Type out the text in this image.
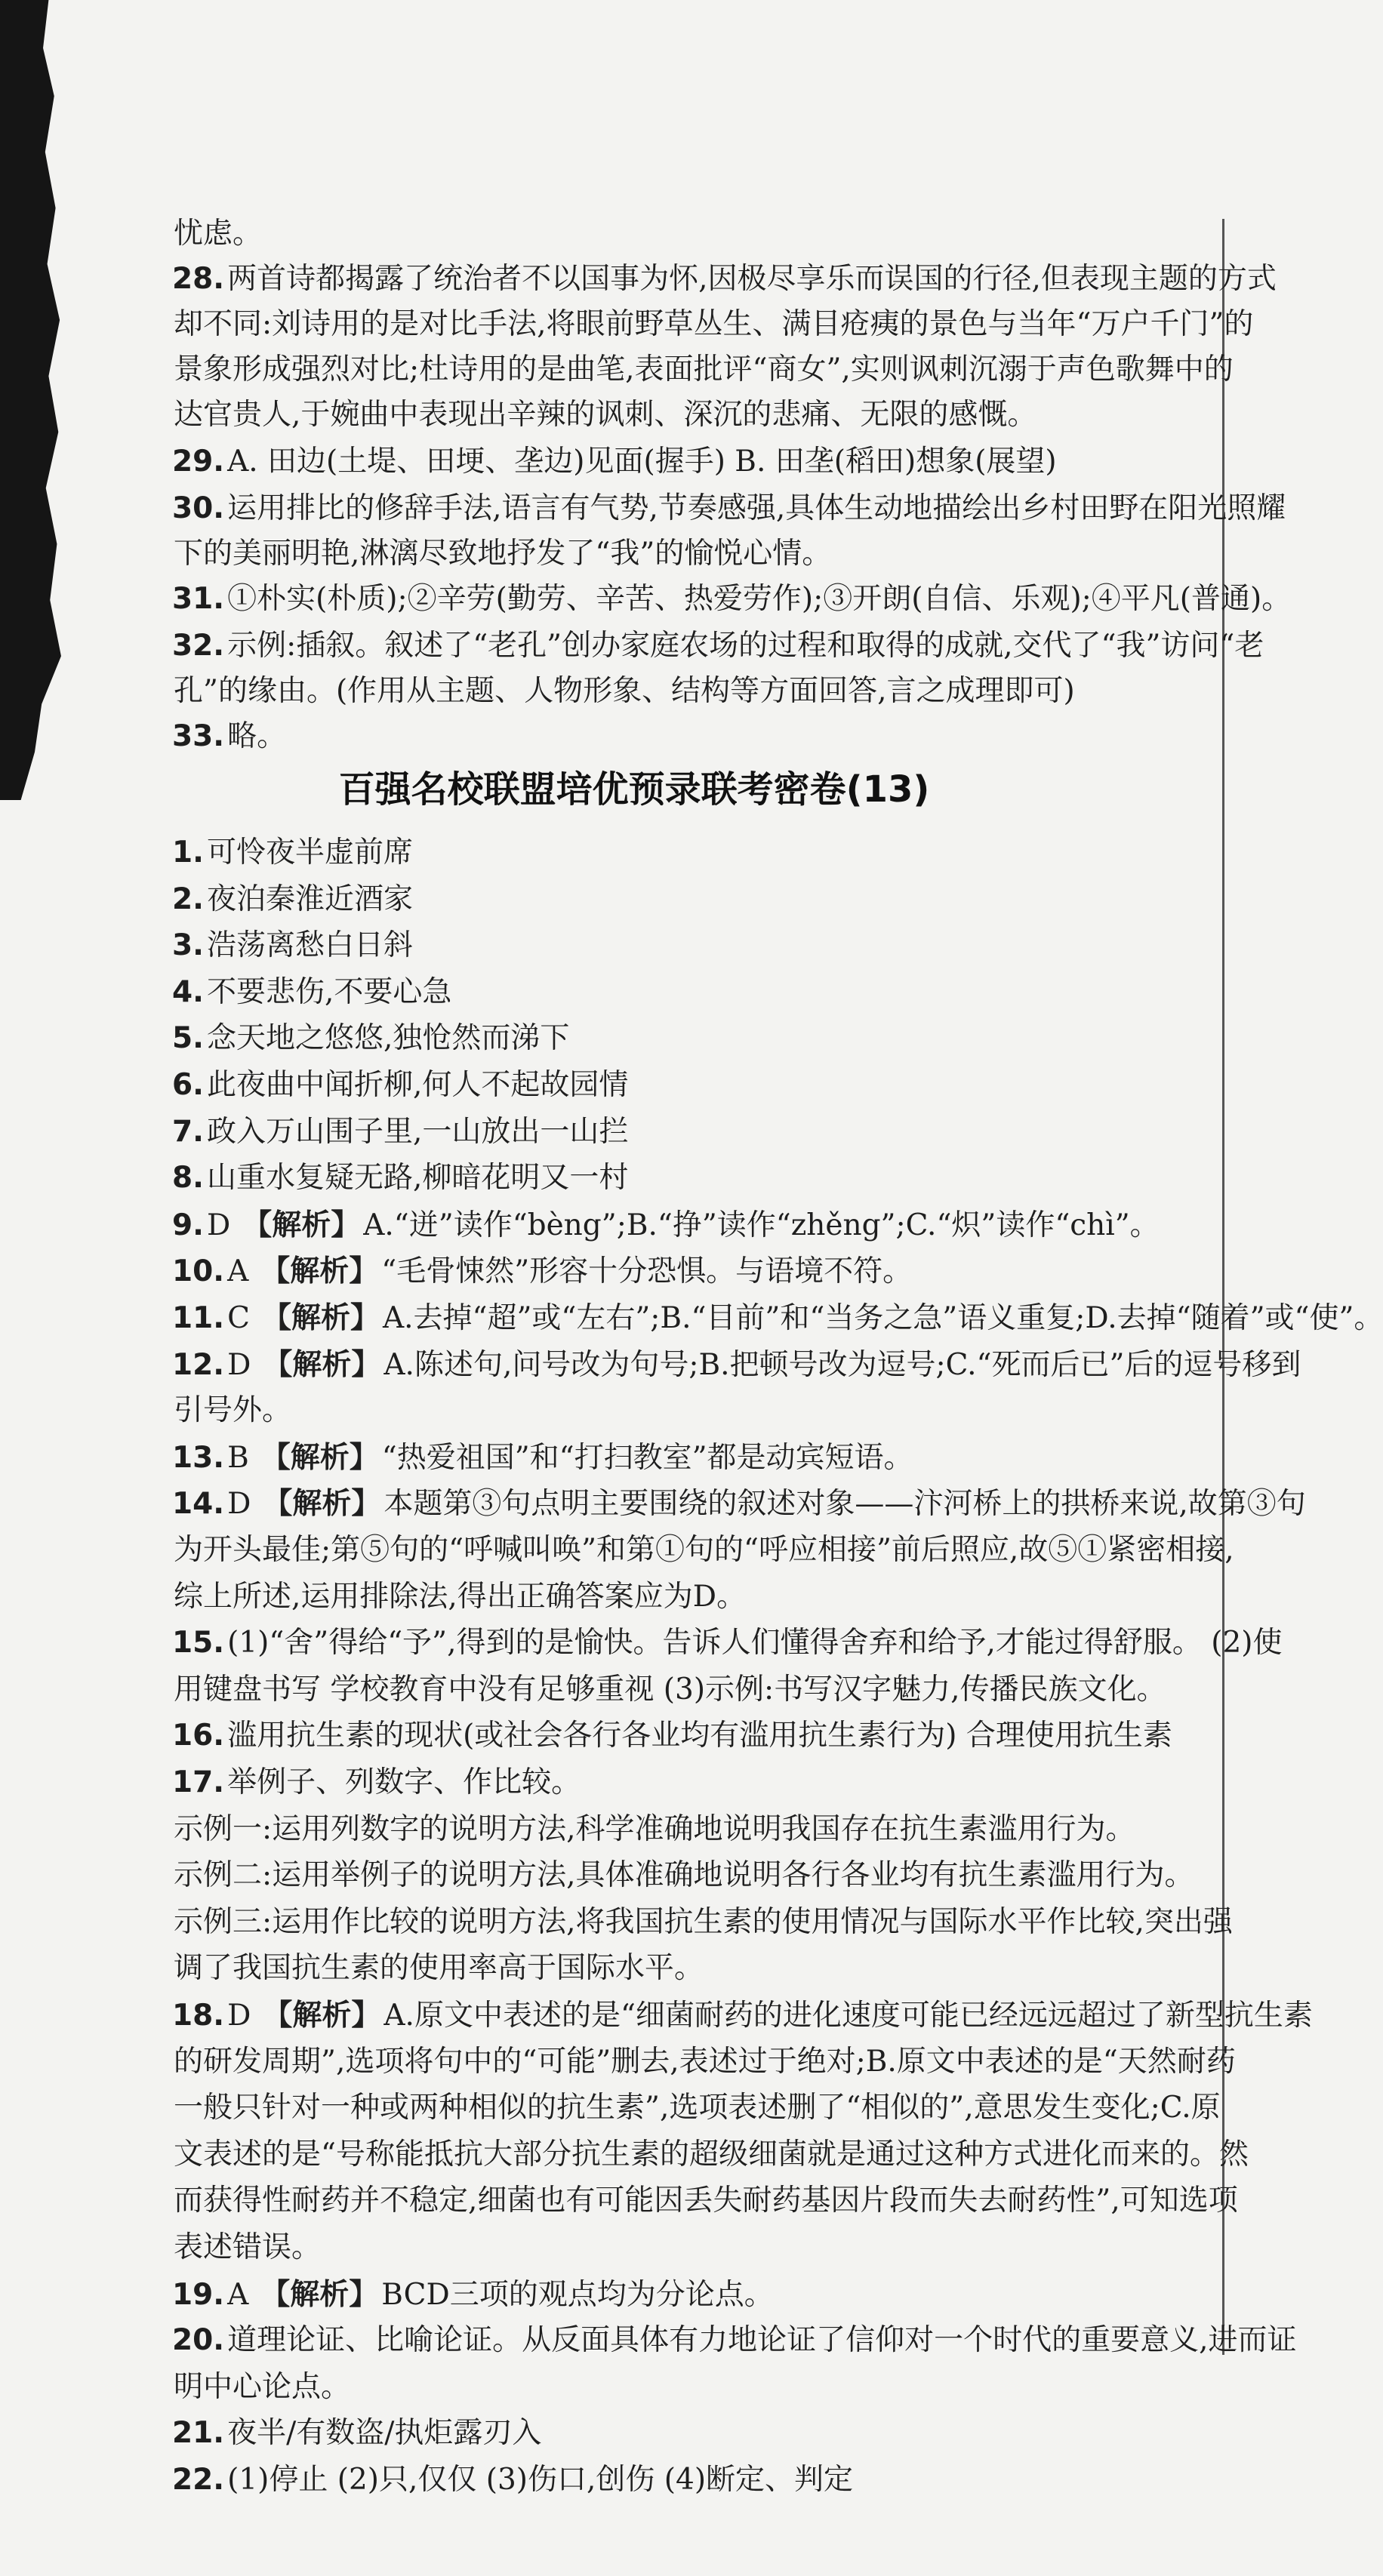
忧虑。
28. 两首诗都揭露了统治者不以国事为怀,因极尽享乐而误国的行径,但表现主题的方式
却不同:刘诗用的是对比手法,将眼前野草丛生、满目疮痍的景色与当年“万户千门”的
景象形成强烈对比;杜诗用的是曲笔,表面批评“商女”,实则讽刺沉溺于声色歌舞中的
达官贵人,于婉曲中表现出辛辣的讽刺、深沉的悲痛、无限的感慨。
29. A. 田边(土堤、田埂、垄边)见面(握手) B. 田垄(稻田)想象(展望)
30. 运用排比的修辞手法,语言有气势,节奏感强,具体生动地描绘出乡村田野在阳光照耀
下的美丽明艳,淋漓尽致地抒发了“我”的愉悦心情。
31. ①朴实(朴质);②辛劳(勤劳、辛苦、热爱劳作);③开朗(自信、乐观);④平凡(普通)。
32. 示例:插叙。叙述了“老孔”创办家庭农场的过程和取得的成就,交代了“我”访问“老
孔”的缘由。(作用从主题、人物形象、结构等方面回答,言之成理即可)
33. 略。
百强名校联盟培优预录联考密卷(13)
1. 可怜夜半虚前席
2. 夜泊秦淮近酒家
3. 浩荡离愁白日斜
4. 不要悲伤,不要心急
5. 念天地之悠悠,独怆然而涕下
6. 此夜曲中闻折柳,何人不起故园情
7. 政入万山围子里,一山放出一山拦
8. 山重水复疑无路,柳暗花明又一村
9. D 【解析】 A.“迸”读作“bèng”;B.“挣”读作“zhěng”;C.“炽”读作“chì”。
10. A 【解析】 “毛骨悚然”形容十分恐惧。与语境不符。
11. C 【解析】 A.去掉“超”或“左右”;B.“目前”和“当务之急”语义重复;D.去掉“随着”或“使”。
12. D 【解析】 A.陈述句,问号改为句号;B.把顿号改为逗号;C.“死而后已”后的逗号移到
引号外。
13. B 【解析】 “热爱祖国”和“打扫教室”都是动宾短语。
14. D 【解析】 本题第③句点明主要围绕的叙述对象——汴河桥上的拱桥来说,故第③句
为开头最佳;第⑤句的“呼喊叫唤”和第①句的“呼应相接”前后照应,故⑤①紧密相接,
综上所述,运用排除法,得出正确答案应为D。
15. (1)“舍”得给“予”,得到的是愉快。告诉人们懂得舍弃和给予,才能过得舒服。 (2)使
用键盘书写 学校教育中没有足够重视 (3)示例:书写汉字魅力,传播民族文化。
16. 滥用抗生素的现状(或社会各行各业均有滥用抗生素行为) 合理使用抗生素
17. 举例子、列数字、作比较。
示例一:运用列数字的说明方法,科学准确地说明我国存在抗生素滥用行为。
示例二:运用举例子的说明方法,具体准确地说明各行各业均有抗生素滥用行为。
示例三:运用作比较的说明方法,将我国抗生素的使用情况与国际水平作比较,突出强
调了我国抗生素的使用率高于国际水平。
18. D 【解析】 A.原文中表述的是“细菌耐药的进化速度可能已经远远超过了新型抗生素
的研发周期”,选项将句中的“可能”删去,表述过于绝对;B.原文中表述的是“天然耐药
一般只针对一种或两种相似的抗生素”,选项表述删了“相似的”,意思发生变化;C.原
文表述的是“号称能抵抗大部分抗生素的超级细菌就是通过这种方式进化而来的。然
而获得性耐药并不稳定,细菌也有可能因丢失耐药基因片段而失去耐药性”,可知选项
表述错误。
19. A 【解析】 BCD三项的观点均为分论点。
20. 道理论证、比喻论证。从反面具体有力地论证了信仰对一个时代的重要意义,进而证
明中心论点。
21. 夜半/有数盗/执炬露刃入
22. (1)停止 (2)只,仅仅 (3)伤口,创伤 (4)断定、判定
